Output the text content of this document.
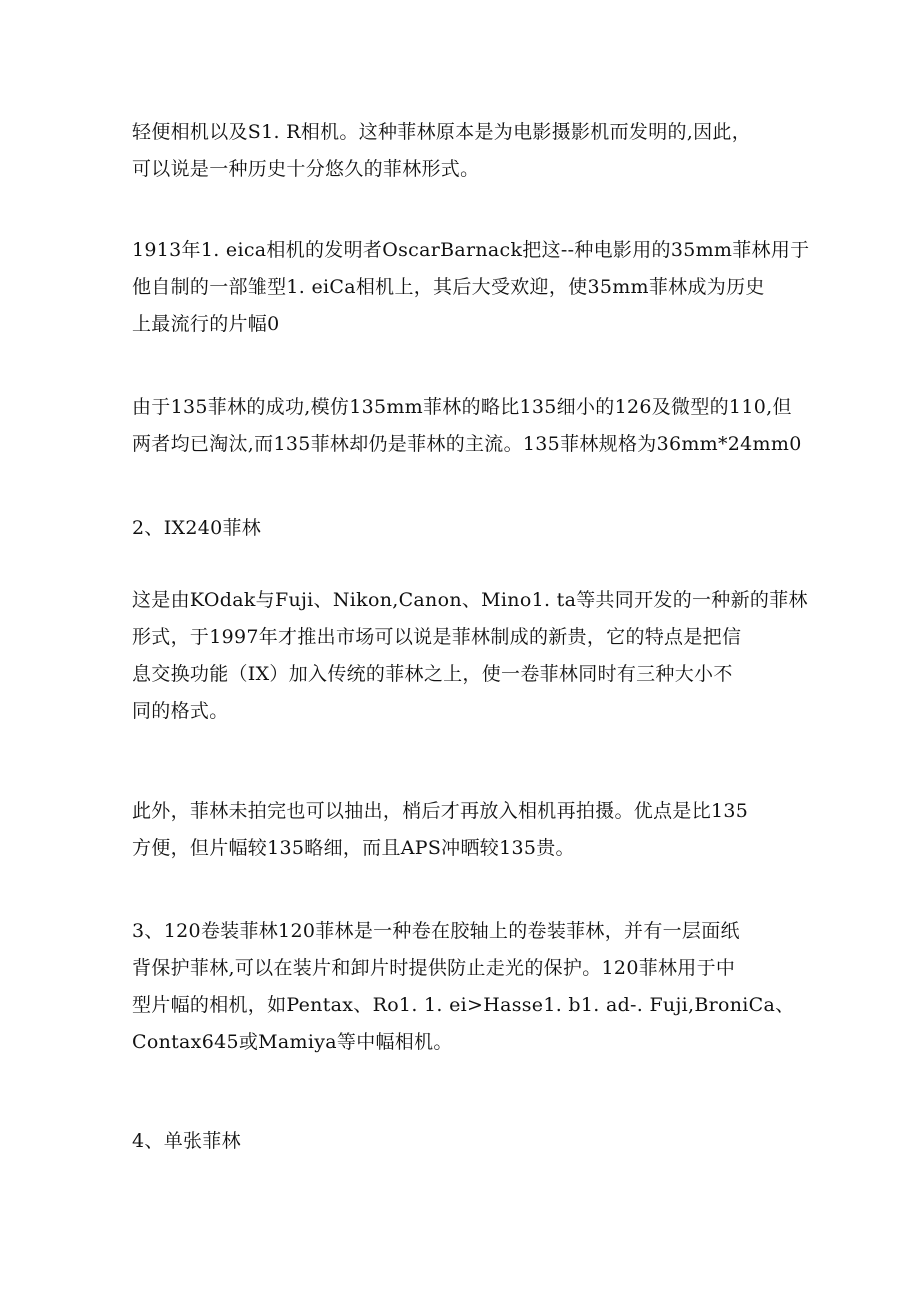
轻便相机以及S1. R相机。这种菲林原本是为电影摄影机而发明的,因此，
可以说是一种历史十分悠久的菲林形式。

1913年1. eica相机的发明者OscarBarnack把这--种电影用的35mm菲林用于
他自制的一部雏型1. eiCa相机上，其后大受欢迎，使35mm菲林成为历史
上最流行的片幅0

由于135菲林的成功,模仿135mm菲林的略比135细小的126及微型的110,但
两者均已淘汰,而135菲林却仍是菲林的主流。135菲林规格为36mm*24mm0

2、IX240菲林

这是由KOdak与Fuji、Nikon,Canon、Mino1. ta等共同开发的一种新的菲林
形式，于1997年才推出市场可以说是菲林制成的新贵，它的特点是把信
息交换功能（IX）加入传统的菲林之上，使一卷菲林同时有三种大小不
同的格式。

此外，菲林未拍完也可以抽出，梢后才再放入相机再拍摄。优点是比135
方便，但片幅较135略细，而且APS冲晒较135贵。

3、120卷装菲林120菲林是一种卷在胶轴上的卷装菲林，并有一层面纸
背保护菲林,可以在装片和卸片时提供防止走光的保护。120菲林用于中
型片幅的相机，如Pentax、Ro1. 1. ei>Hasse1. b1. ad-. Fuji,BroniCa、
Contax645或Mamiya等中幅相机。

4、单张菲林
